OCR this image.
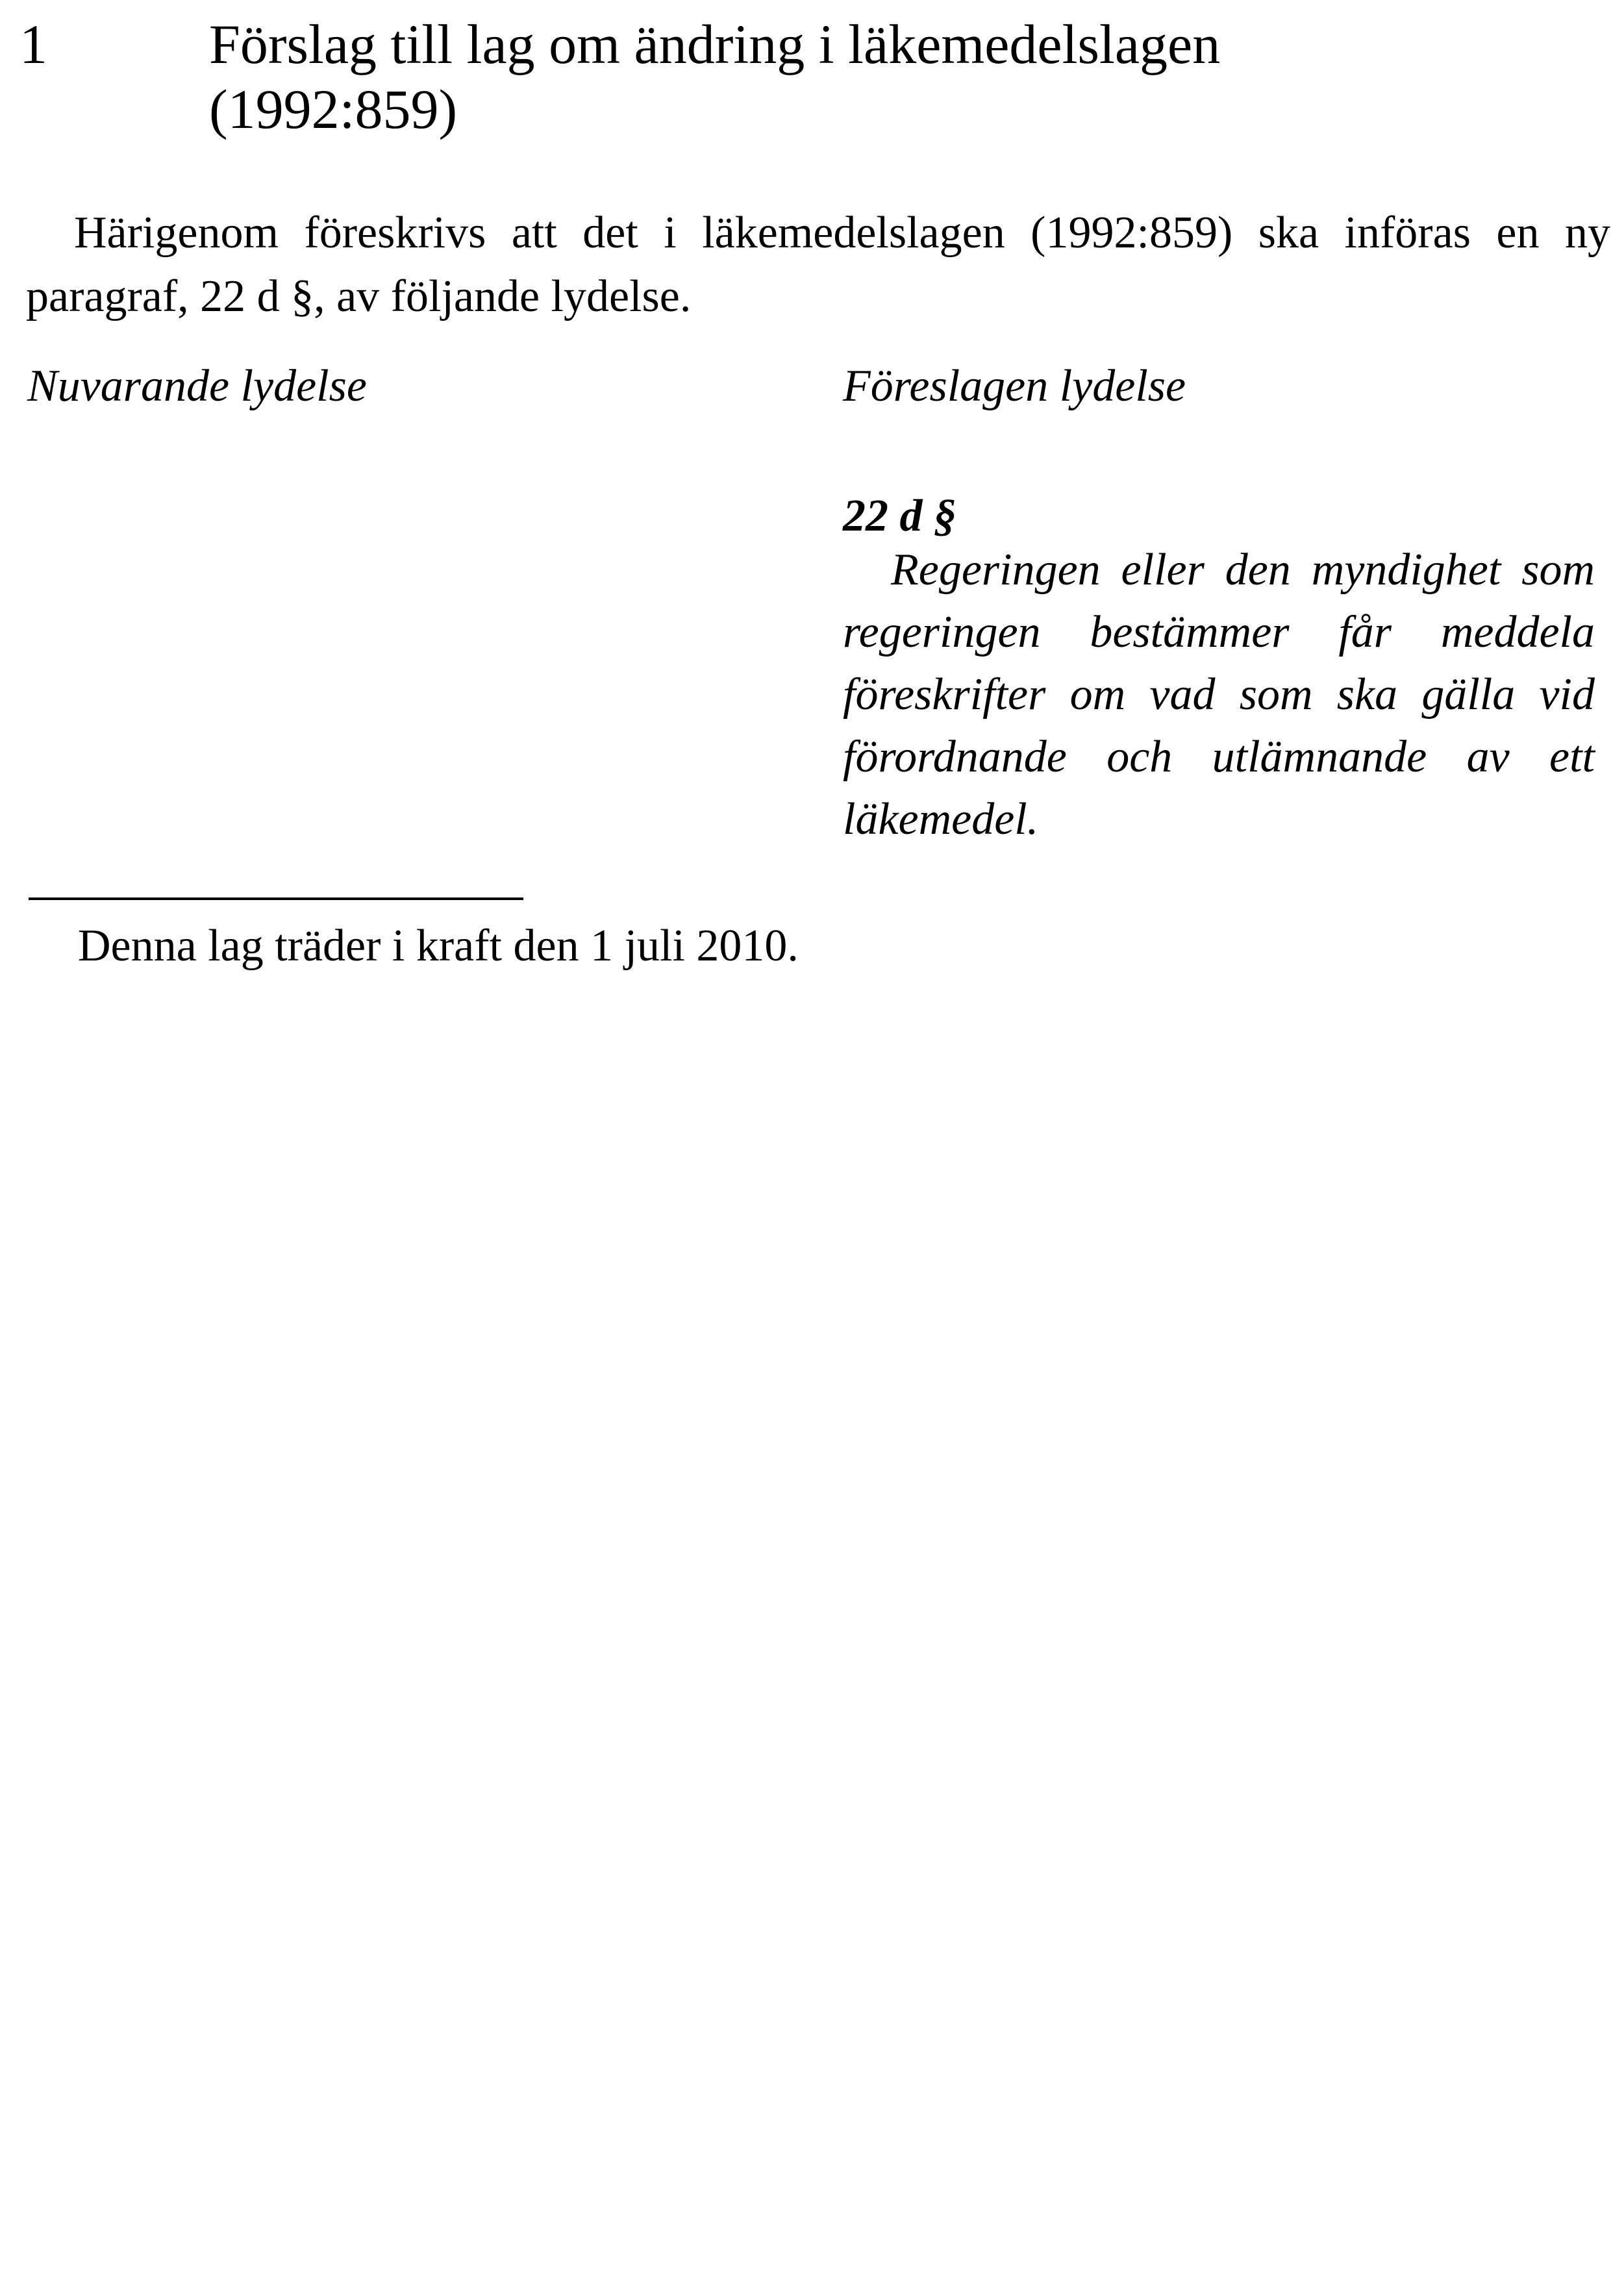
1	Förslag till lag om ändring i läkemedelslagen (1992:859)

Härigenom föreskrivs att det i läkemedelslagen (1992:859) ska införas en ny paragraf, 22 d §, av följande lydelse.

Nuvarande lydelse	Föreslagen lydelse
22 d §

Regeringen eller den myndighet som regeringen bestämmer får meddela föreskrifter om vad som ska gälla vid förordnande och utlämnande av ett läkemedel.

Denna lag träder i kraft den 1 juli 2010.
